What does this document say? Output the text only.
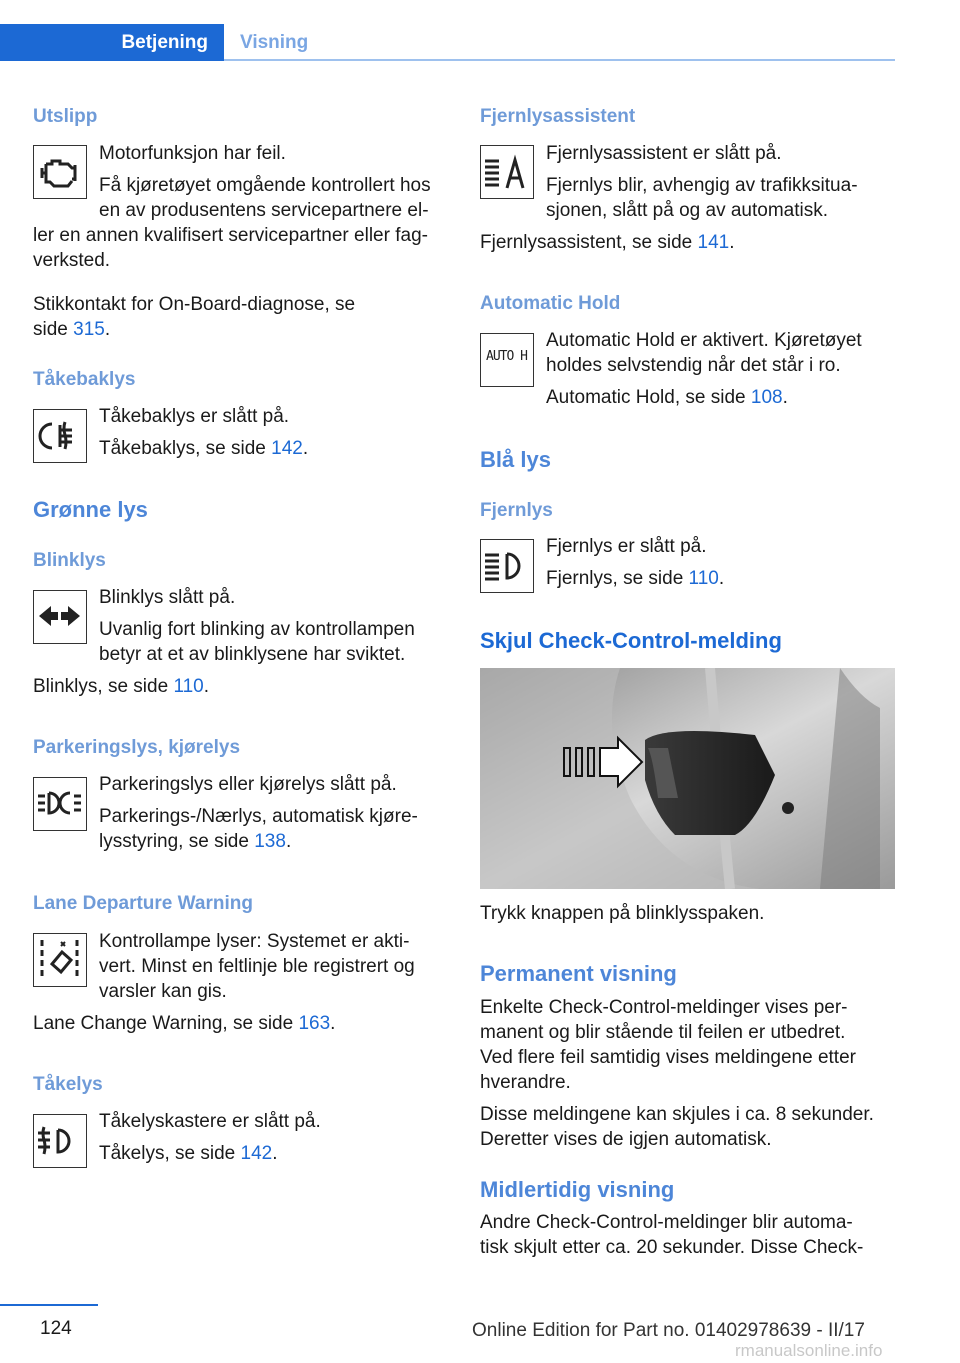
Betjening	Visning
Utslipp
Motorfunksjon har feil.
Få kjøretøyet omgående kontrollert hos
en av produsentens servicepartnere el-
ler en annen kvalifisert servicepartner eller fag-
verksted.
Stikkontakt for On-Board-diagnose, se
side 315.
Tåkebaklys
Tåkebaklys er slått på.
Tåkebaklys, se side 142.
Grønne lys
Blinklys
Blinklys slått på.
Uvanlig fort blinking av kontrollampen
betyr at et av blinklysene har sviktet.
Blinklys, se side 110.
Parkeringslys, kjørelys
Parkeringslys eller kjørelys slått på.
Parkerings-/Nærlys, automatisk kjøre-
lysstyring, se side 138.
Lane Departure Warning
Kontrollampe lyser: Systemet er akti-
vert. Minst en feltlinje ble registrert og
varsler kan gis.
Lane Change Warning, se side 163.
Tåkelys
Tåkelyskastere er slått på.
Tåkelys, se side 142.
Fjernlysassistent
Fjernlysassistent er slått på.
Fjernlys blir, avhengig av trafikksitua-
sjonen, slått på og av automatisk.
Fjernlysassistent, se side 141.
Automatic Hold
AUTO H
Automatic Hold er aktivert. Kjøretøyet
holdes selvstendig når det står i ro.
Automatic Hold, se side 108.
Blå lys
Fjernlys
Fjernlys er slått på.
Fjernlys, se side 110.
Skjul Check-Control-melding
Trykk knappen på blinklysspaken.
Permanent visning
Enkelte Check-Control-meldinger vises per-
manent og blir stående til feilen er utbedret.
Ved flere feil samtidig vises meldingene etter
hverandre.
Disse meldingene kan skjules i ca. 8 sekunder.
Deretter vises de igjen automatisk.
Midlertidig visning
Andre Check-Control-meldinger blir automa-
tisk skjult etter ca. 20 sekunder. Disse Check-
124	Online Edition for Part no. 01402978639 - II/17
rmanualsonline.info
